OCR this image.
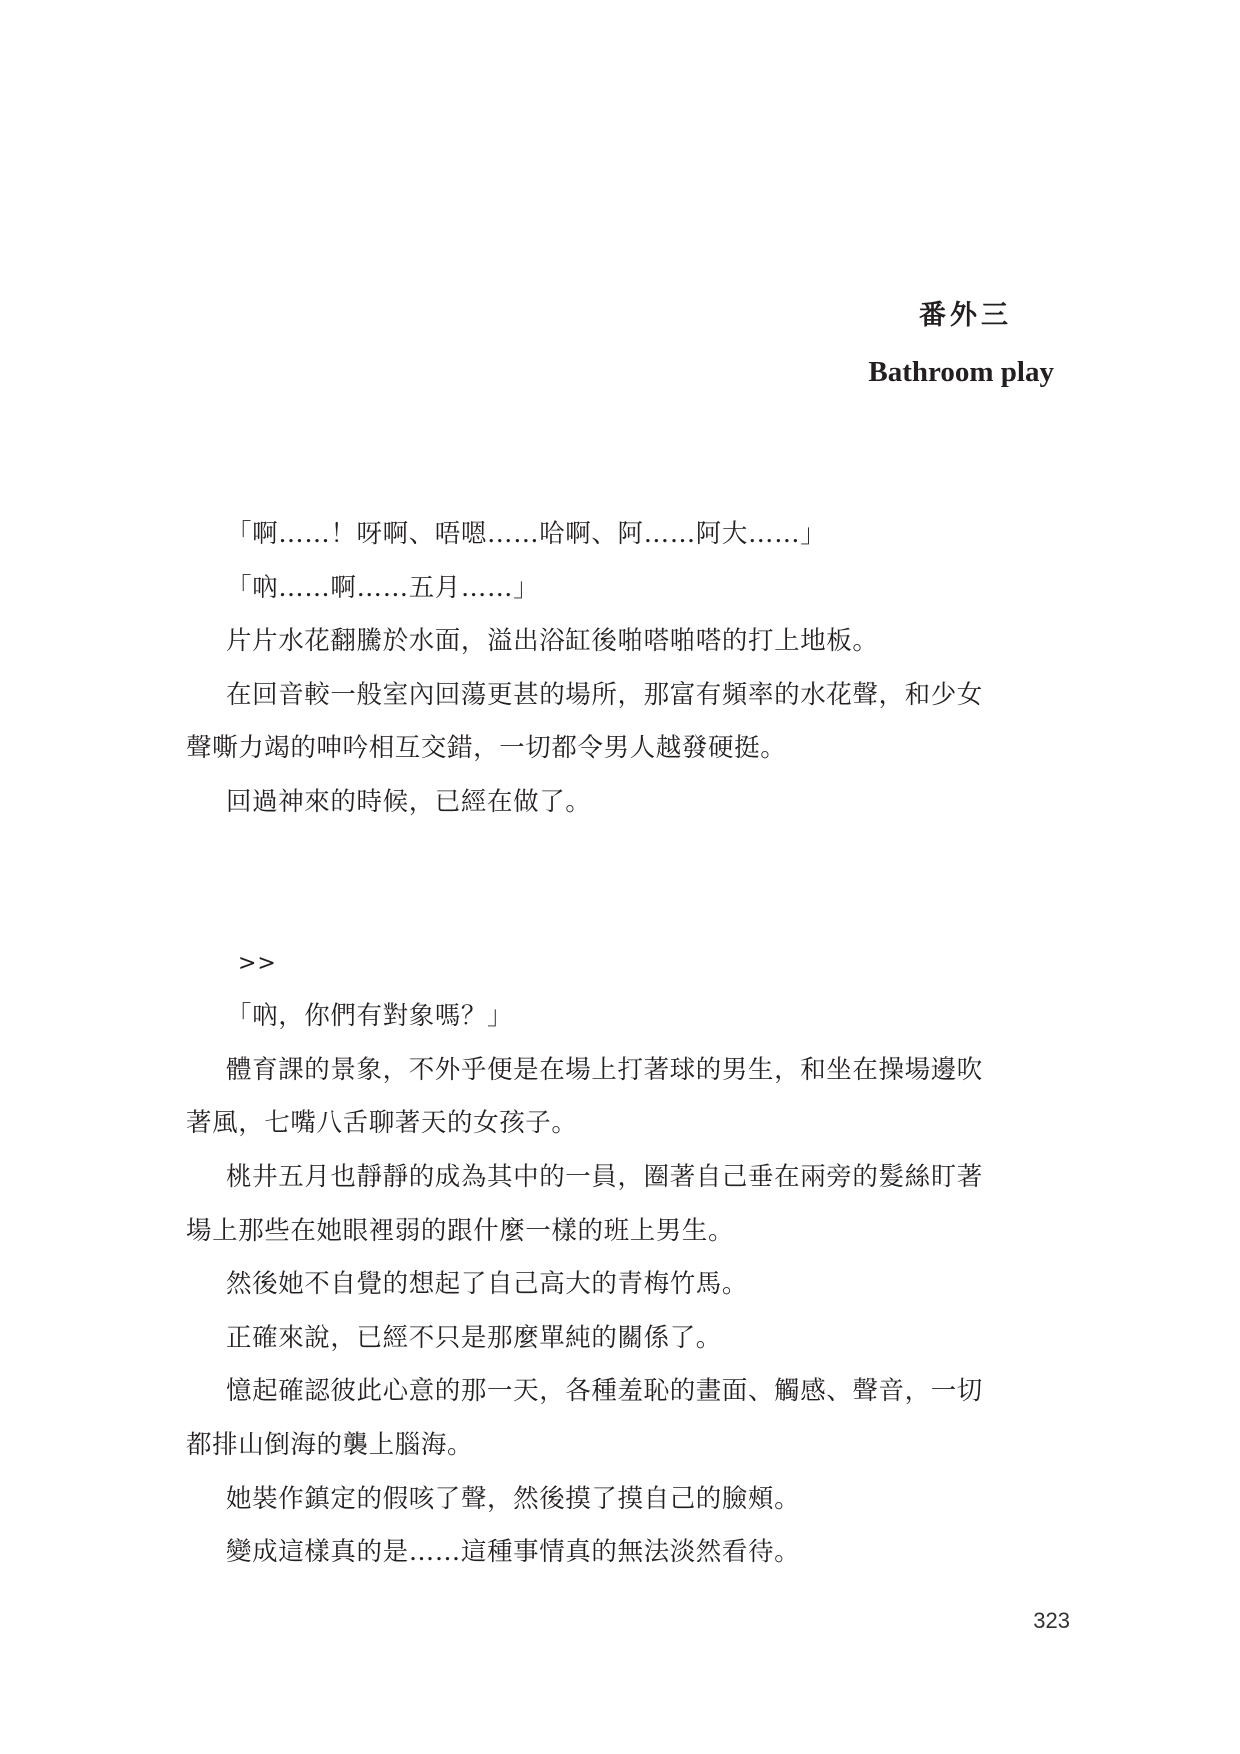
番外三
Bathroom play

「啊……！呀啊、唔嗯……哈啊、阿……阿大……」

「吶……啊……五月……」

片片水花翻騰於水面，溢出浴缸後啪嗒啪嗒的打上地板。

在回音較一般室內回蕩更甚的場所，那富有頻率的水花聲，和少女

聲嘶力竭的呻吟相互交錯，一切都令男人越發硬挺。

回過神來的時候，已經在做了。

>>

「吶，你們有對象嗎？」

體育課的景象，不外乎便是在場上打著球的男生，和坐在操場邊吹

著風，七嘴八舌聊著天的女孩子。

桃井五月也靜靜的成為其中的一員，圈著自己垂在兩旁的髮絲盯著

場上那些在她眼裡弱的跟什麼一樣的班上男生。

然後她不自覺的想起了自己高大的青梅竹馬。

正確來說，已經不只是那麼單純的關係了。

憶起確認彼此心意的那一天，各種羞恥的畫面、觸感、聲音，一切

都排山倒海的襲上腦海。

她裝作鎮定的假咳了聲，然後摸了摸自己的臉頰。

變成這樣真的是……這種事情真的無法淡然看待。

323
